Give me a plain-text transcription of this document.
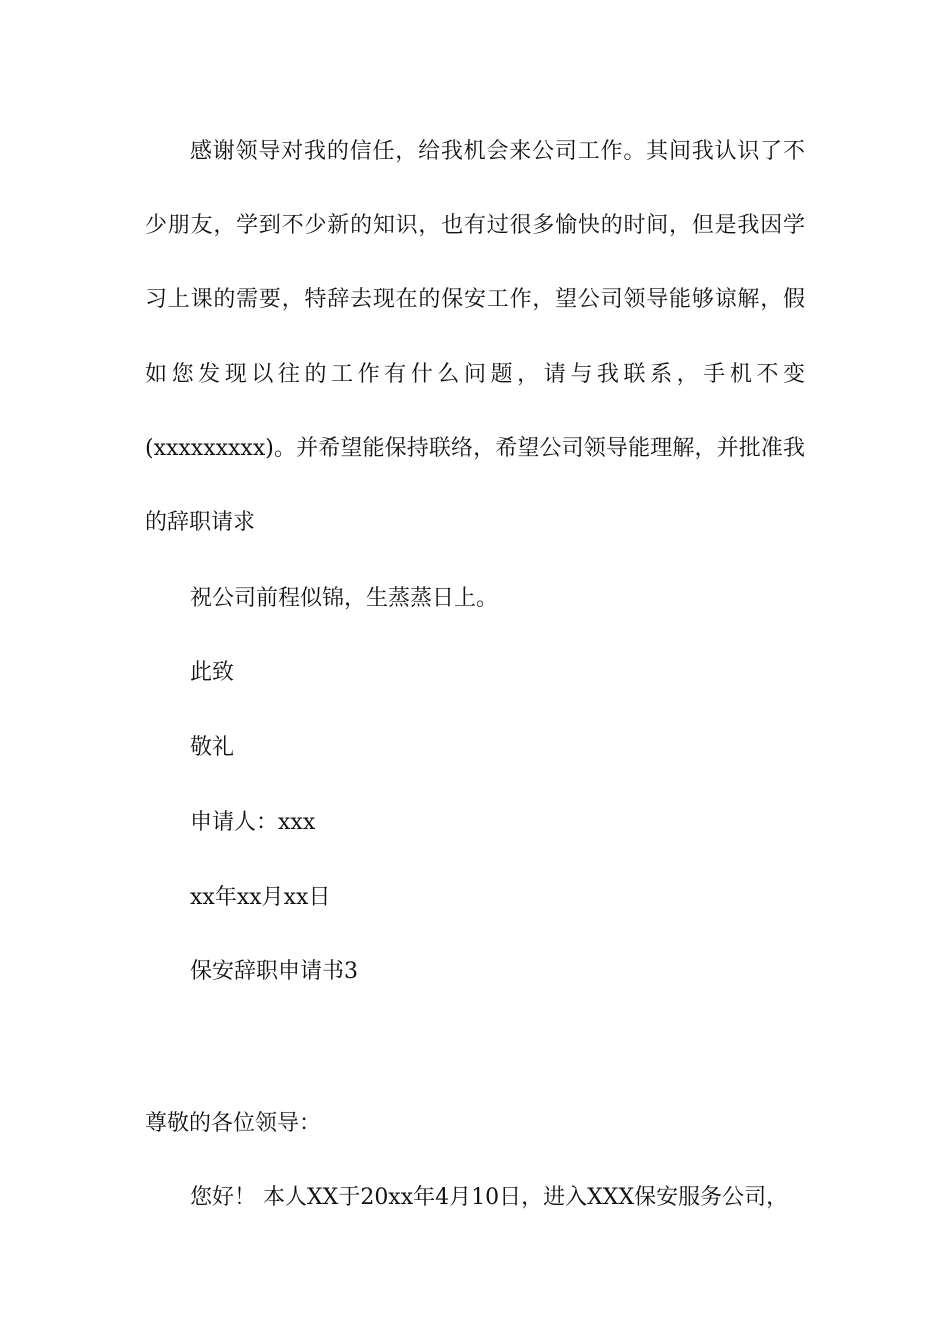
感谢领导对我的信任，给我机会来公司工作。其间我认识了不
少朋友，学到不少新的知识，也有过很多愉快的时间，但是我因学
习上课的需要，特辞去现在的保安工作，望公司领导能够谅解，假
如您发现以往的工作有什么问题，请与我联系，手机不变
(xxxxxxxxx)。并希望能保持联络，希望公司领导能理解，并批准我
的辞职请求
祝公司前程似锦，生蒸蒸日上。
此致
敬礼
申请人：xxx
xx年xx月xx日
保安辞职申请书3
尊敬的各位领导：
您好！ 本人XX于20xx年4月10日，进入XXX保安服务公司，
